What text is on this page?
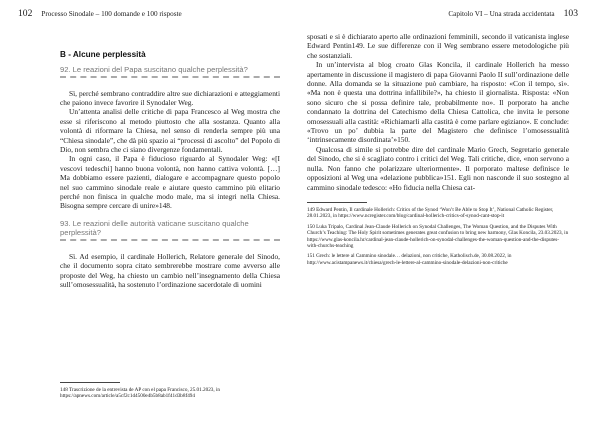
102 Processo Sinodale – 100 domande e 100 risposte
B - Alcune perplessità
92. Le reazioni del Papa suscitano qualche perplessità?

Sì, perché sembrano contraddire altre sue dichiarazioni e atteggiamenti che paiono invece favorire il Synodaler Weg.

Un’attenta analisi delle critiche di papa Francesco al Weg mostra che esse si riferiscono al metodo piuttosto che alla sostanza. Quanto alla volontà di riformare la Chiesa, nel senso di renderla sempre più una “Chiesa sinodale”, che dà più spazio ai “processi di ascolto” del Popolo di Dio, non sembra che ci siano divergenze fondamentali.

In ogni caso, il Papa è fiducioso riguardo al Synodaler Weg: «[I vescovi tedeschi] hanno buona volontà, non hanno cattiva volontà. […] Ma dobbiamo essere pazienti, dialogare e accompagnare questo popolo nel suo cammino sinodale reale e aiutare questo cammino più elitario perché non finisca in qualche modo male, ma si integri nella Chiesa. Bisogna sempre cercare di unire»148.

93. Le reazioni delle autorità vaticane suscitano qualche perplessità?

Sì. Ad esempio, il cardinale Hollerich, Relatore generale del Sinodo, che il documento sopra citato sembrerebbe mostrare come avverso alle proposte del Weg, ha chiesto un cambio nell’insegnamento della Chiesa sull’omosessualità, ha sostenuto l’ordinazione sacerdotale di uomini

148 Trascrizione de la entrevista de AP con el papa Francisco, 25.01.2023, in https://apnews.com/article/a5cf2c1d4500e4b5b8ab1f41d3b8f494

Capitolo VI – Una strada accidentata 103

sposati e si è dichiarato aperto alle ordinazioni femminili, secondo il vaticanista inglese Edward Pentin149. Le sue differenze con il Weg sembrano essere metodologiche più che sostanziali.

In un’intervista al blog croato Glas Koncila, il cardinale Hollerich ha messo apertamente in discussione il magistero di papa Giovanni Paolo II sull’ordinazione delle donne. Alla domanda se la situazione può cambiare, ha risposto: «Con il tempo, sì». «Ma non è questa una dottrina infallibile?», ha chiesto il giornalista. Risposta: «Non sono sicuro che si possa definire tale, probabilmente no». Il porporato ha anche condannato la dottrina del Catechismo della Chiesa Cattolica, che invita le persone omosessuali alla castità: «Richiamarli alla castità è come parlare egiziano». E conclude: «Trovo un po’ dubbia la parte del Magistero che definisce l’omosessualità ‘intrinsecamente disordinata’»150.

Qualcosa di simile si potrebbe dire del cardinale Mario Grech, Segretario generale del Sinodo, che si è scagliato contro i critici del Weg. Tali critiche, dice, «non servono a nulla. Non fanno che polarizzare ulteriormente». Il porporato maltese definisce le opposizioni al Weg una «delazione pubblica»151. Egli non nasconde il suo sostegno al cammino sinodale tedesco: «Ho fiducia nella Chiesa cat-

149 Edward Pentin, Il cardinale Hollerich: Critics of the Synod ‘Won’t Be Able to Stop It’, National Catholic Register, 28.01.2023, in https://www.ncregister.com/blog/cardinal-hollerich-critics-of-synod-cant-stop-it

150 Luka Tripalo, Cardinal Jean-Claude Hollerich on Synodal Challenges, The Woman Question, and the Disputes With Church’s Teaching: The Holy Spirit sometimes generates great confusion to bring new harmony, Glas Koncila, 23.03.2023, in https://www.glas-koncila.hr/cardinal-jean-claude-hollerich-on-synodal-challenges-the-woman-question-and-the-disputes-with-churchs-teaching

151 Grech: le lettere al Cammino sinodale… delazioni, non critiche, Katholisch.de, 30.08.2022, in http://www.acistampanews.it/chiesa/grech-le-lettere-al-cammino-sinodale-delazioni-non-critiche
